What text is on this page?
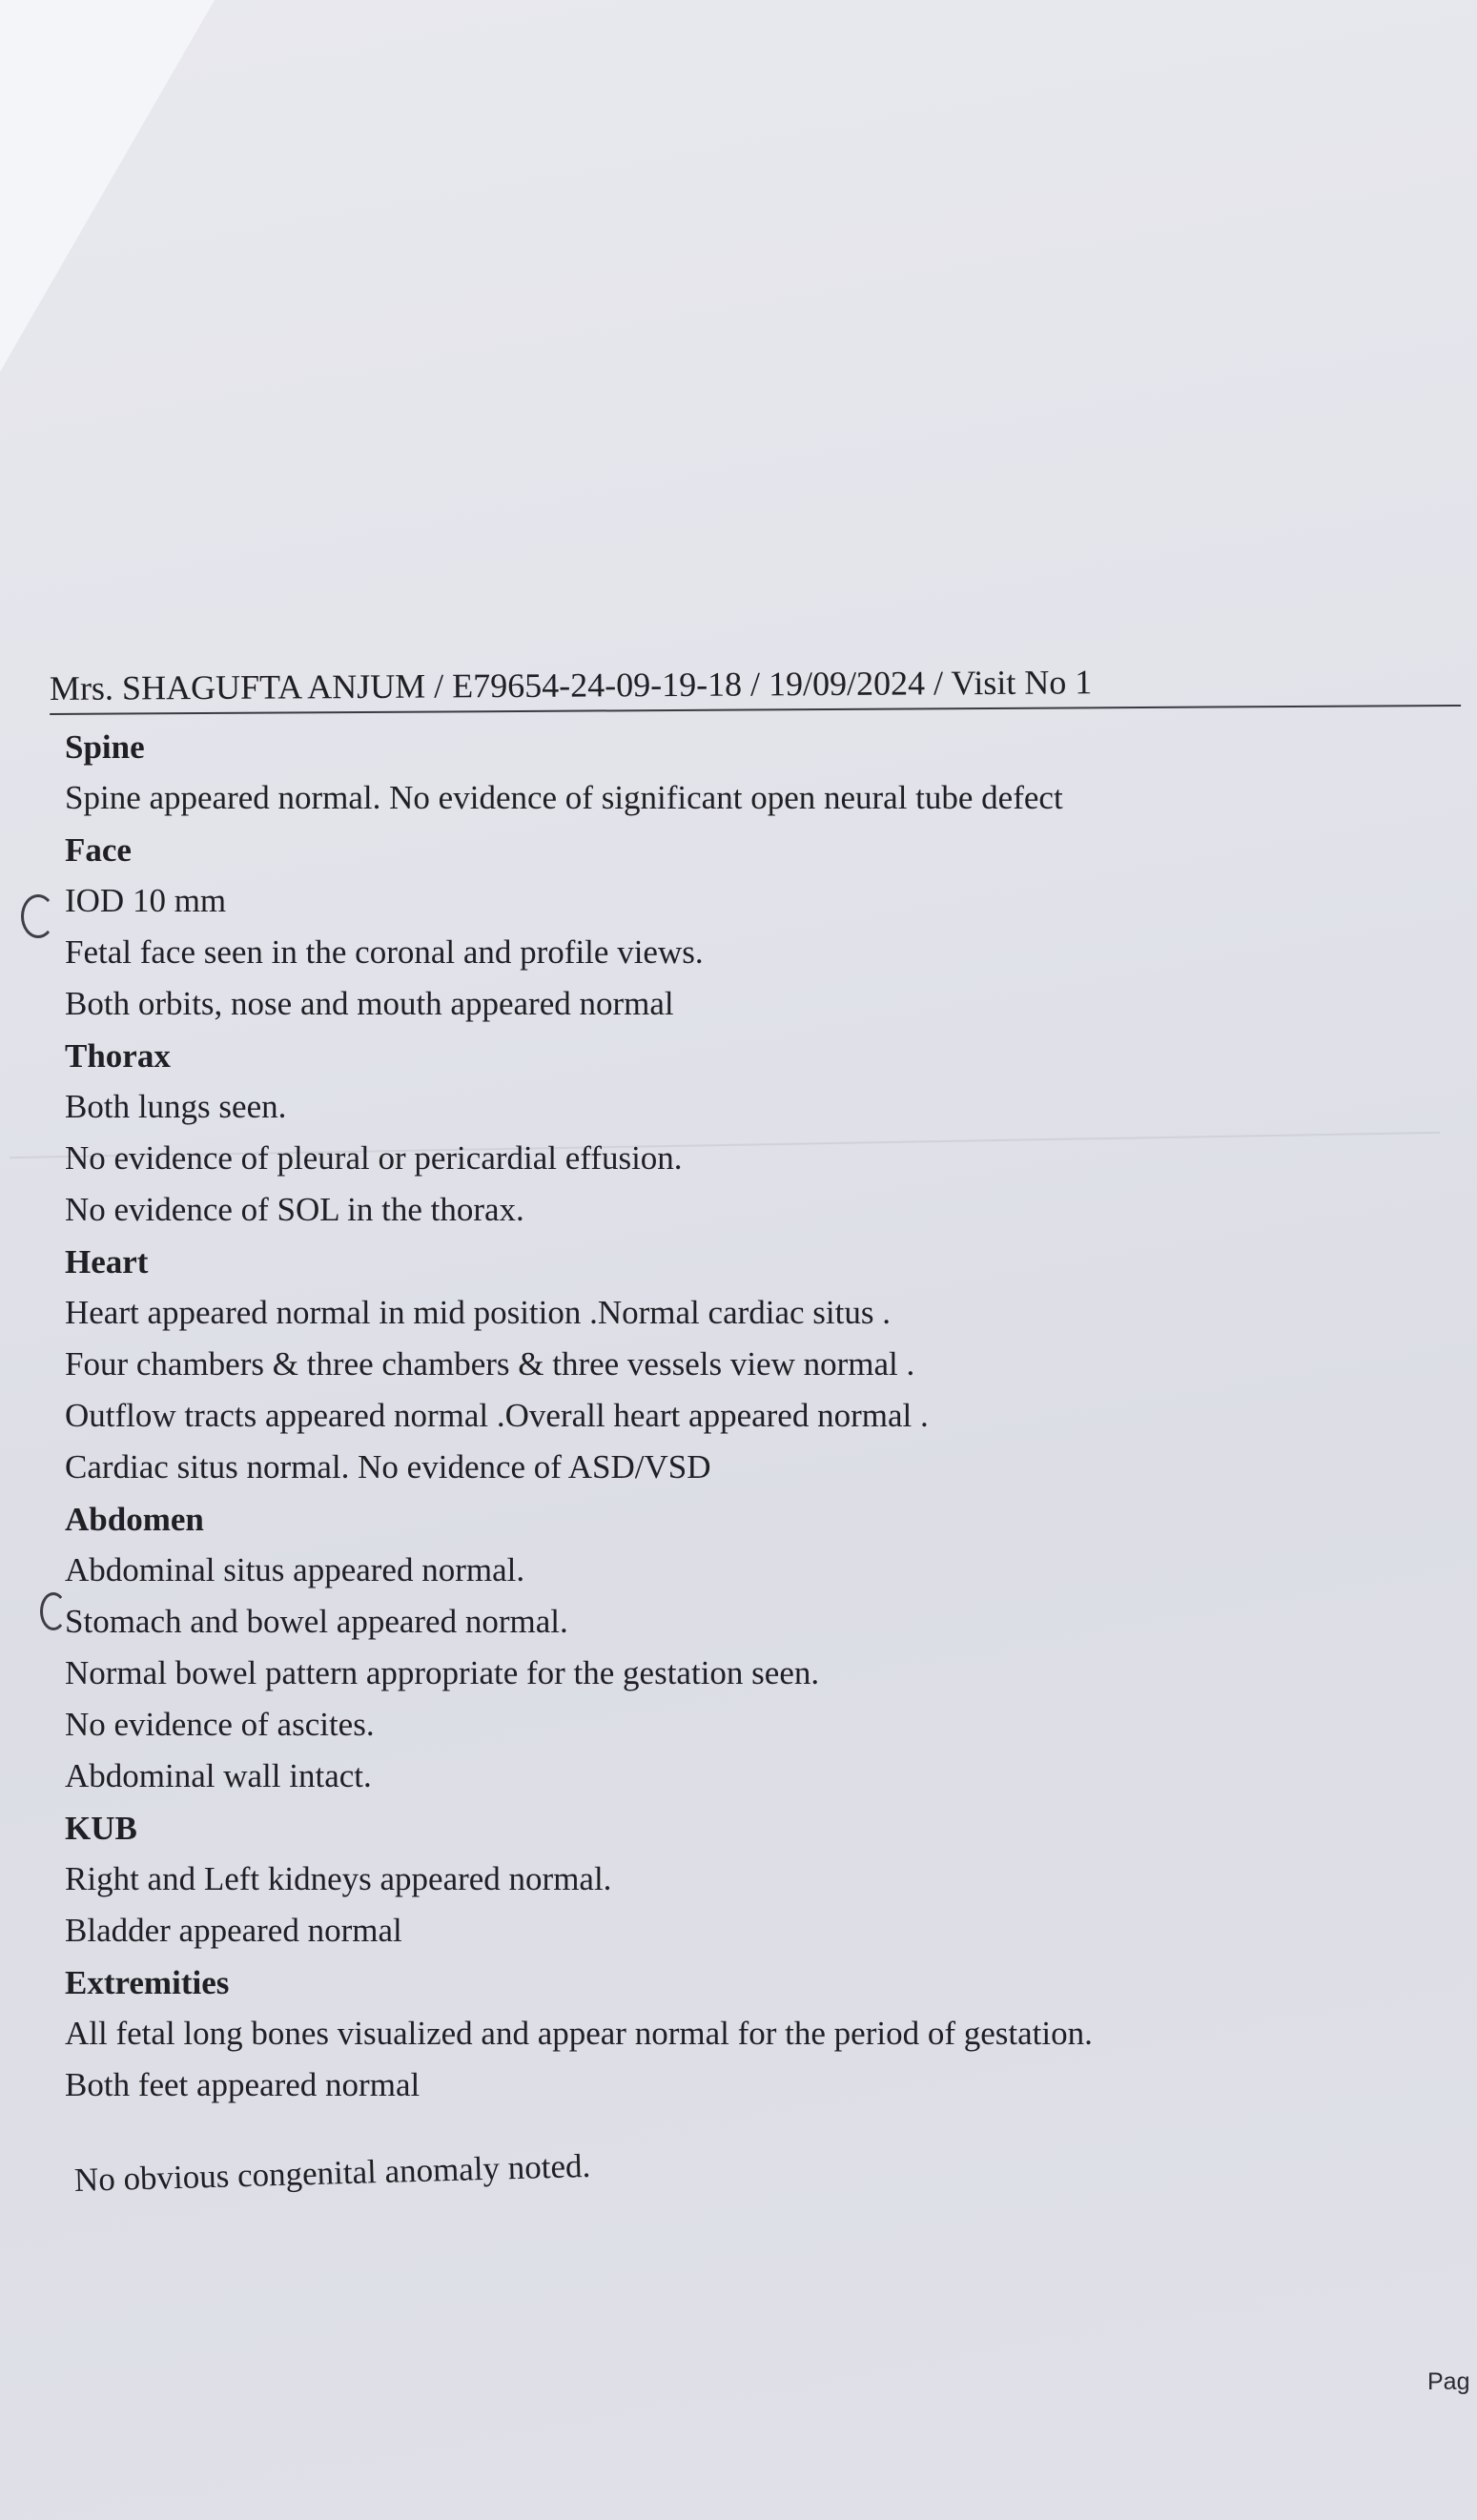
Mrs. SHAGUFTA ANJUM / E79654-24-09-19-18 / 19/09/2024 / Visit No 1
Spine
Spine appeared normal. No evidence of significant open neural tube defect
Face
IOD 10 mm
Fetal face seen in the coronal and profile views.
Both orbits, nose and mouth appeared normal
Thorax
Both lungs seen.
No evidence of pleural or pericardial effusion.
No evidence of SOL in the thorax.
Heart
Heart appeared normal in mid position .Normal cardiac situs .
Four chambers & three chambers & three vessels view normal .
Outflow tracts appeared normal .Overall heart appeared normal .
Cardiac situs normal. No evidence of ASD/VSD
Abdomen
Abdominal situs appeared normal.
Stomach and bowel appeared normal.
Normal bowel pattern appropriate for the gestation seen.
No evidence of ascites.
Abdominal wall intact.
KUB
Right and Left kidneys appeared normal.
Bladder appeared normal
Extremities
All fetal long bones visualized and appear normal for the period of gestation.
Both feet appeared normal
No obvious congenital anomaly noted.
Pag
